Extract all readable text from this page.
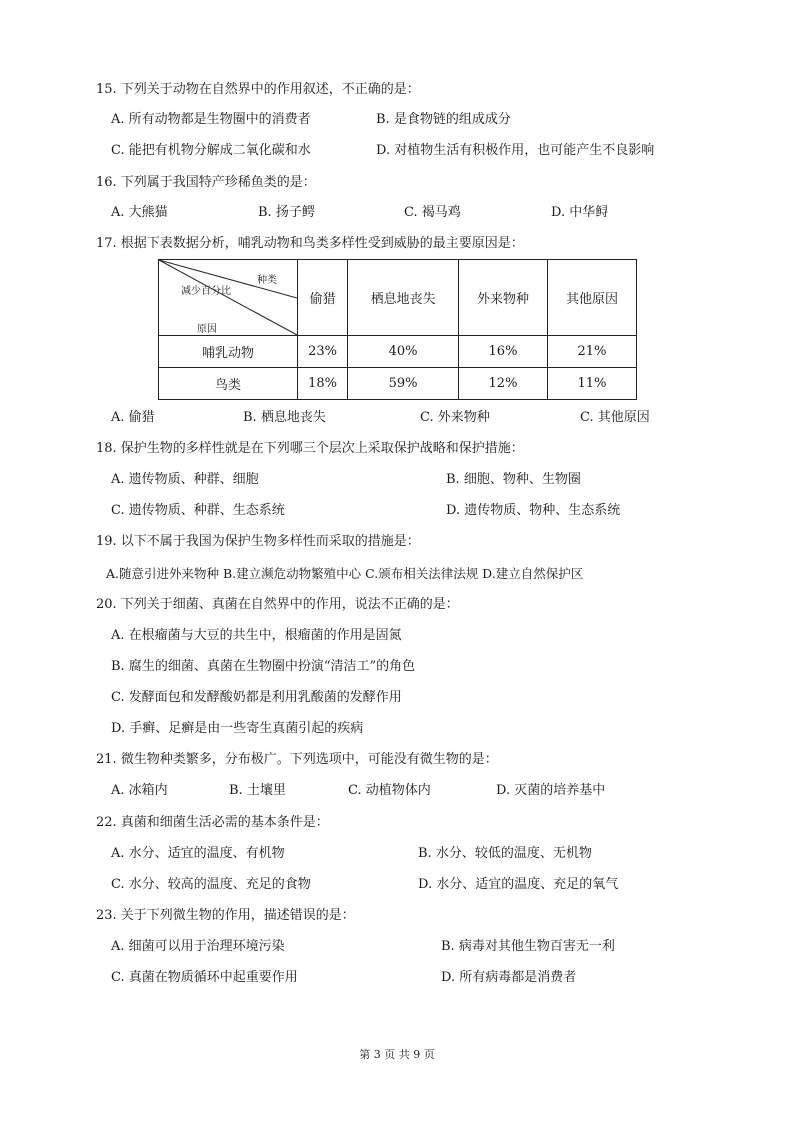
15. 下列关于动物在自然界中的作用叙述，不正确的是：
A. 所有动物都是生物圈中的消费者	B. 是食物链的组成成分
C. 能把有机物分解成二氧化碳和水	D. 对植物生活有积极作用，也可能产生不良影响
16. 下列属于我国特产珍稀鱼类的是：
A. 大熊猫	B. 扬子鳄	C. 褐马鸡	D. 中华鲟
17. 根据下表数据分析，哺乳动物和鸟类多样性受到威胁的最主要原因是：
种类
减少百分比
原因	偷猎	栖息地丧失	外来物种	其他原因
哺乳动物	23%	40%	16%	21%
鸟类	18%	59%	12%	11%
A. 偷猎	B. 栖息地丧失	C. 外来物种	C. 其他原因
18. 保护生物的多样性就是在下列哪三个层次上采取保护战略和保护措施：
A. 遗传物质、种群、细胞	B. 细胞、物种、生物圈
C. 遗传物质、种群、生态系统	D. 遗传物质、物种、生态系统
19. 以下不属于我国为保护生物多样性而采取的措施是：
A.随意引进外来物种 B.建立濒危动物繁殖中心 C.颁布相关法律法规 D.建立自然保护区
20. 下列关于细菌、真菌在自然界中的作用，说法不正确的是：
A. 在根瘤菌与大豆的共生中，根瘤菌的作用是固氮
B. 腐生的细菌、真菌在生物圈中扮演“清洁工”的角色
C. 发酵面包和发酵酸奶都是利用乳酸菌的发酵作用
D. 手癣、足癣是由一些寄生真菌引起的疾病
21. 微生物种类繁多，分布极广。下列选项中，可能没有微生物的是：
A. 冰箱内	B. 土壤里	C. 动植物体内	D. 灭菌的培养基中
22. 真菌和细菌生活必需的基本条件是：
A. 水分、适宜的温度、有机物	B. 水分、较低的温度、无机物
C. 水分、较高的温度、充足的食物	D. 水分、适宜的温度、充足的氧气
23. 关于下列微生物的作用，描述错误的是：
A. 细菌可以用于治理环境污染	B. 病毒对其他生物百害无一利
C. 真菌在物质循环中起重要作用	D. 所有病毒都是消费者
第 3 页 共 9 页
